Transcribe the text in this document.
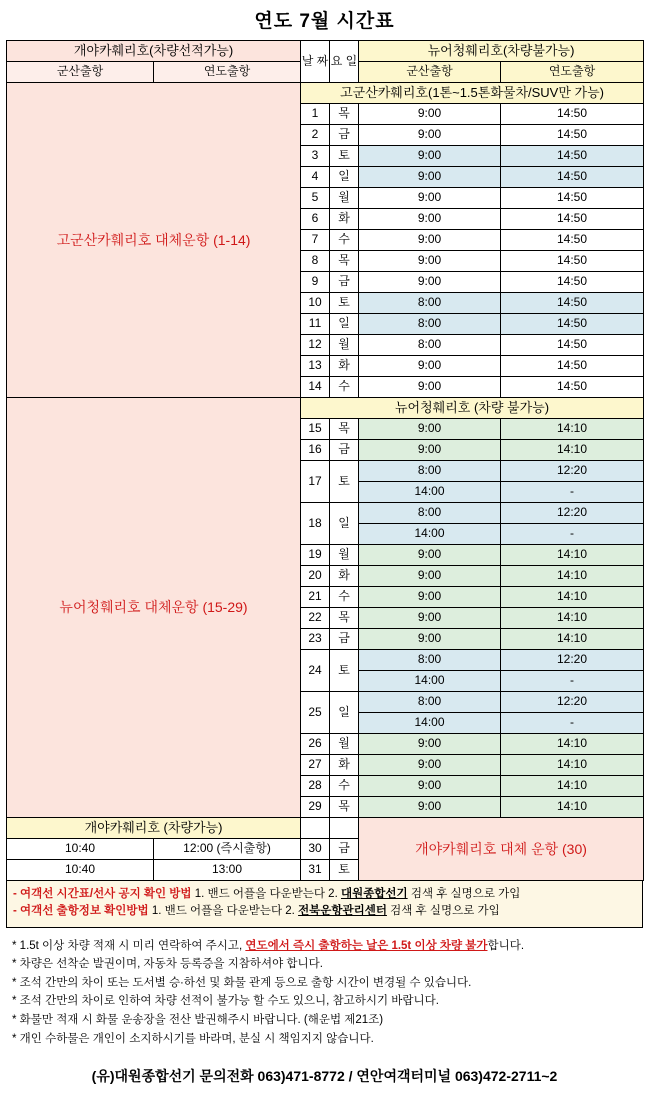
연도 7월 시간표
개야카훼리호(차량선적가능)		날 짜	요 일	뉴어청훼리호(차량불가능)	
군산출항	연도출항			군산출항	연도출항
고군산카훼리호 대체운항 (1-14)		고군산카훼리호(1톤~1.5톤화물차/SUV만 가능)			
		1	목	9:00	14:50
		2	금	9:00	14:50
		3	토	9:00	14:50
		4	일	9:00	14:50
		5	월	9:00	14:50
		6	화	9:00	14:50
		7	수	9:00	14:50
		8	목	9:00	14:50
		9	금	9:00	14:50
		10	토	8:00	14:50
		11	일	8:00	14:50
		12	월	8:00	14:50
		13	화	9:00	14:50
		14	수	9:00	14:50
뉴어청훼리호 대체운항 (15-29)		뉴어청훼리호 (차량 불가능)			
		15	목	9:00	14:10
		16	금	9:00	14:10
		17	토	8:00	12:20
				14:00	-
		18	일	8:00	12:20
				14:00	-
		19	월	9:00	14:10
		20	화	9:00	14:10
		21	수	9:00	14:10
		22	목	9:00	14:10
		23	금	9:00	14:10
		24	토	8:00	12:20
				14:00	-
		25	일	8:00	12:20
				14:00	-
		26	월	9:00	14:10
		27	화	9:00	14:10
		28	수	9:00	14:10
		29	목	9:00	14:10
개야카훼리호 (차량가능)				개야카훼리호 대체 운항 (30)	
10:40	12:00 (즉시출항)	30	금		
10:40	13:00	31	토		
- 여객선 시간표/선사 공지 확인 방법 1. 밴드 어플을 다운받는다 2. 대원종합선기 검색 후 실명으로 가입
- 여객선 출항정보 확인방법 1. 밴드 어플을 다운받는다 2. 전북운항관리센터 검색 후 실명으로 가입
* 1.5t 이상 차량 적재 시 미리 연락하여 주시고, 연도에서 즉시 출항하는 날은 1.5t 이상 차량 불가합니다.
* 차량은 선착순 발권이며, 자동차 등록증을 지참하셔야 합니다.
* 조석 간만의 차이 또는 도서별 승·하선 및 화물 관계 등으로 출항 시간이 변경될 수 있습니다.
* 조석 간만의 차이로 인하여 차량 선적이 불가능 할 수도 있으니, 참고하시기 바랍니다.
* 화물만 적재 시 화물 운송장을 전산 발권해주시 바랍니다. (해운법 제21조)
* 개인 수하물은 개인이 소지하시기를 바라며, 분실 시 책임지지 않습니다.
(유)대원종합선기 문의전화 063)471-8772 / 연안여객터미널 063)472-2711~2
